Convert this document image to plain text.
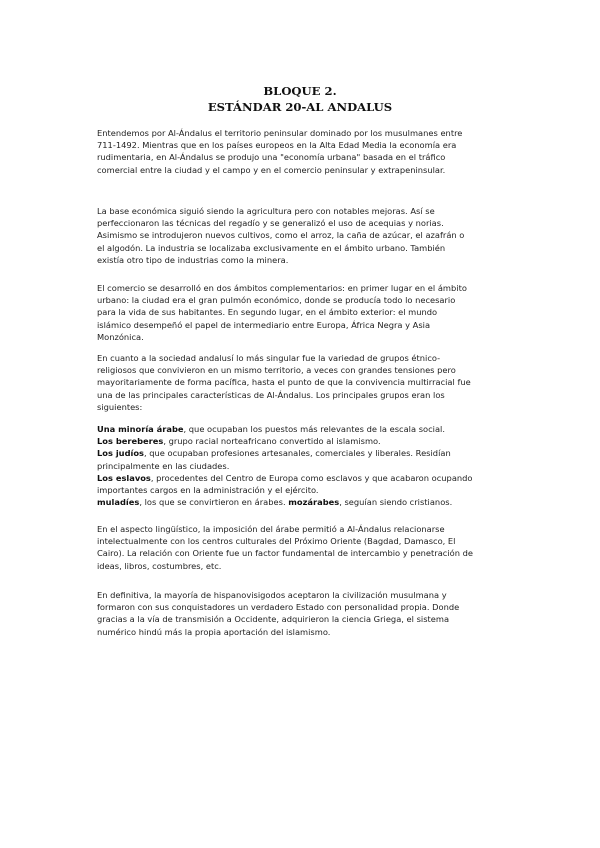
BLOQUE 2.
ESTÁNDAR 20-AL ANDALUS

Entendemos por Al-Ándalus el territorio peninsular dominado por los musulmanes entre 711-1492. Mientras que en los países europeos en la Alta Edad Media la economía era rudimentaria, en Al-Ándalus se produjo una "economía urbana" basada en el tráfico comercial entre la ciudad y el campo y en el comercio peninsular y extrapeninsular.

La base económica siguió siendo la agricultura pero con notables mejoras. Así se perfeccionaron las técnicas del regadío y se generalizó el uso de acequias y norias. Asimismo se introdujeron nuevos cultivos, como el arroz, la caña de azúcar, el azafrán o el algodón. La industria se localizaba exclusivamente en el ámbito urbano. También existía otro tipo de industrias como la minera.

El comercio se desarrolló en dos ámbitos complementarios: en primer lugar en el ámbito urbano: la ciudad era el gran pulmón económico, donde se producía todo lo necesario para la vida de sus habitantes. En segundo lugar, en el ámbito exterior: el mundo islámico desempeñó el papel de intermediario entre Europa, África Negra y Asia Monzónica.

En cuanto a la sociedad andalusí lo más singular fue la variedad de grupos étnico-religiosos que convivieron en un mismo territorio, a veces con grandes tensiones pero mayoritariamente de forma pacífica, hasta el punto de que la convivencia multirracial fue una de las principales características de Al-Ándalus. Los principales grupos eran los siguientes:

Una minoría árabe, que ocupaban los puestos más relevantes de la escala social.
Los bereberes, grupo racial norteafricano convertido al islamismo.
Los judíos, que ocupaban profesiones artesanales, comerciales y liberales. Residían principalmente en las ciudades.
Los eslavos, procedentes del Centro de Europa como esclavos y que acabaron ocupando importantes cargos en la administración y el ejército.
muladíes, los que se convirtieron en árabes. mozárabes, seguían siendo cristianos.

En el aspecto lingüístico, la imposición del árabe permitió a Al-Ándalus relacionarse intelectualmente con los centros culturales del Próximo Oriente (Bagdad, Damasco, El Cairo). La relación con Oriente fue un factor fundamental de intercambio y penetración de ideas, libros, costumbres, etc.

En definitiva, la mayoría de hispanovisigodos aceptaron la civilización musulmana y formaron con sus conquistadores un verdadero Estado con personalidad propia. Donde gracias a la vía de transmisión a Occidente, adquirieron la ciencia Griega, el sistema numérico hindú más la propia aportación del islamismo.
